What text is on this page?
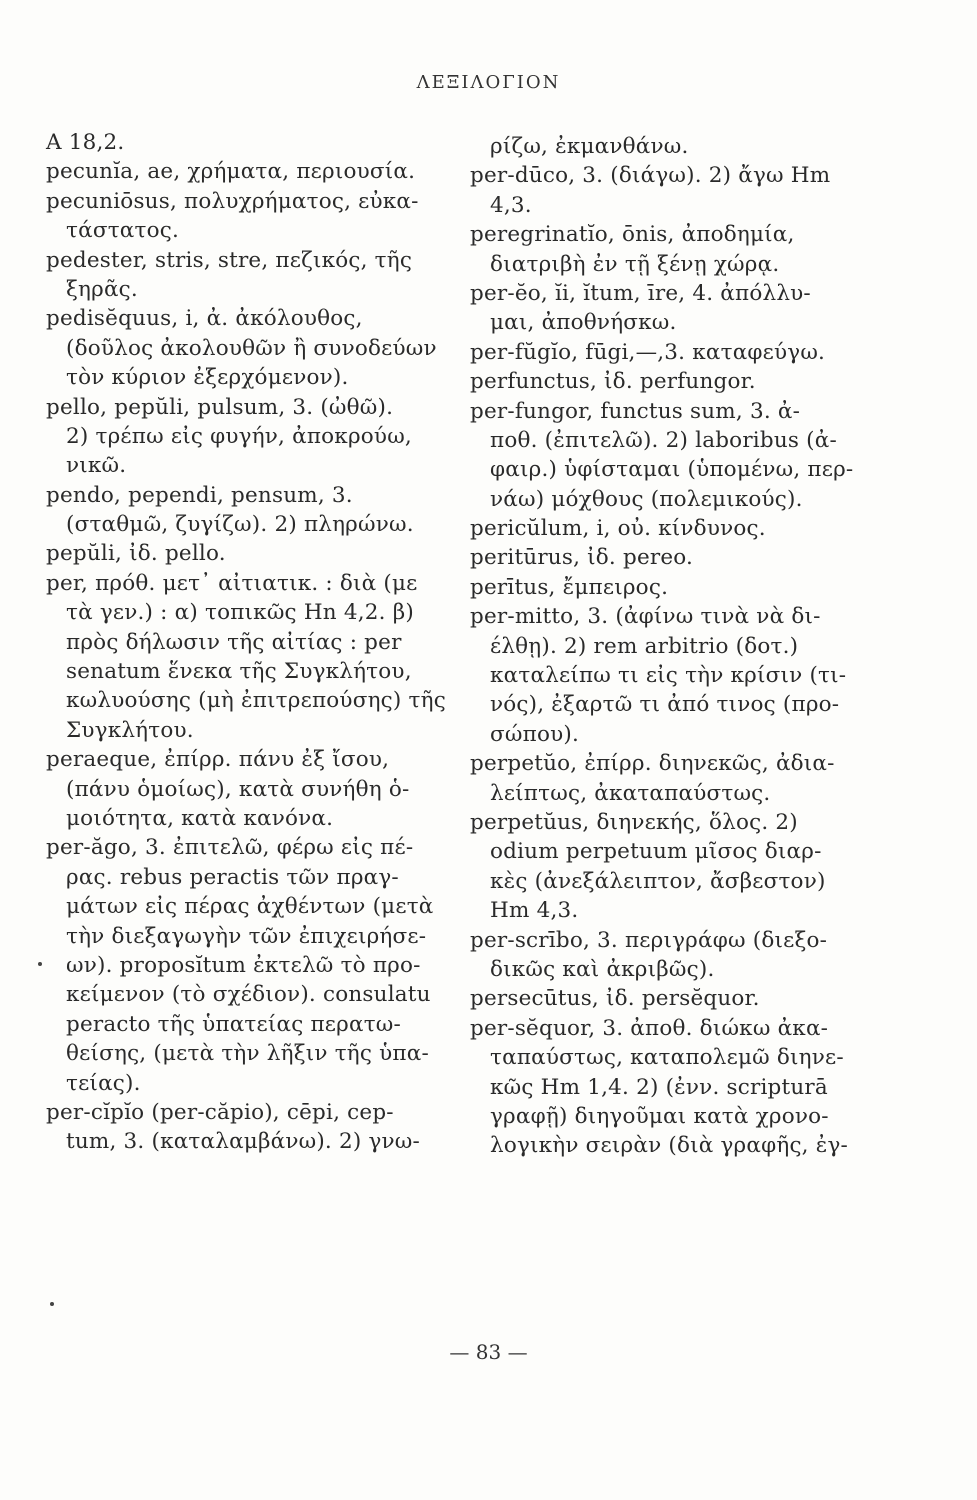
ΛΕΞΙΛΟΓΙΟΝ
A 18,2.
pecunĭa, ae, χρήματα, περιουσία.
pecuniōsus, πολυχρήματος, εὐκα-
τάστατος.
pedester, stris, stre, πεζικός, τῆς
ξηρᾶς.
pedisĕquus, i, ἀ. ἀκόλουθος,
(δοῦλος ἀκολουθῶν ἢ συνοδεύων
τὸν κύριον ἐξερχόμενον).
pello, pepŭli, pulsum, 3. (ὠθῶ).
2) τρέπω εἰς φυγήν, ἀποκρούω,
νικῶ.
pendo, pependi, pensum, 3.
(σταθμῶ, ζυγίζω). 2) πληρώνω.
pepŭli, ἰδ. pello.
per, πρόθ. μετ᾿ αἰτιατικ. : διὰ (με
τὰ γεν.) : α) τοπικῶς Hn 4,2. β)
πρὸς δήλωσιν τῆς αἰτίας : per
senatum ἕνεκα τῆς Συγκλήτου,
κωλυούσης (μὴ ἐπιτρεπούσης) τῆς
Συγκλήτου.
peraeque, ἐπίρρ. πάνυ ἐξ ἴσου,
(πάνυ ὁμοίως), κατὰ συνήθη ὁ-
μοιότητα, κατὰ κανόνα.
per-ăgo, 3. ἐπιτελῶ, φέρω εἰς πέ-
ρας. rebus peractis τῶν πραγ-
μάτων εἰς πέρας ἀχθέντων (μετὰ
τὴν διεξαγωγὴν τῶν ἐπιχειρήσε-
ων). proposĭtum ἐκτελῶ τὸ προ-
κείμενον (τὸ σχέδιον). consulatu
peracto τῆς ὑπατείας περατω-
θείσης, (μετὰ τὴν λῆξιν τῆς ὑπα-
τείας).
per-cĭpĭo (per-căpio), cēpi, cep-
tum, 3. (καταλαμβάνω). 2) γνω-
ρίζω, ἐκμανθάνω.
per-dūco, 3. (διάγω). 2) ἄγω Hm
4,3.
peregrinatĭo, ōnis, ἀποδημία,
διατριβὴ ἐν τῇ ξένῃ χώρᾳ.
per-ĕo, ĭi, ĭtum, īre, 4. ἀπόλλυ-
μαι, ἀποθνήσκω.
per-fŭgĭo, fūgi,—,3. καταφεύγω.
perfunctus, ἰδ. perfungor.
per-fungor, functus sum, 3. ἀ-
ποθ. (ἐπιτελῶ). 2) laboribus (ἀ-
φαιρ.) ὑφίσταμαι (ὑπομένω, περ-
νάω) μόχθους (πολεμικούς).
pericŭlum, i, οὐ. κίνδυνος.
peritūrus, ἰδ. pereo.
perītus, ἔμπειρος.
per-mitto, 3. (ἀφίνω τινὰ νὰ δι-
έλθῃ). 2) rem arbitrio (δοτ.)
καταλείπω τι εἰς τὴν κρίσιν (τι-
νός), ἐξαρτῶ τι ἀπό τινος (προ-
σώπου).
perpetŭo, ἐπίρρ. διηνεκῶς, ἀδια-
λείπτως, ἀκαταπαύστως.
perpetŭus, διηνεκής, ὅλος. 2)
odium perpetuum μῖσος διαρ-
κὲς (ἀνεξάλειπτον, ἄσβεστον)
Hm 4,3.
per-scrībo, 3. περιγράφω (διεξο-
δικῶς καὶ ἀκριβῶς).
persecūtus, ἰδ. persĕquor.
per-sĕquor, 3. ἀποθ. διώκω ἀκα-
ταπαύστως, καταπολεμῶ διηνε-
κῶς Hm 1,4. 2) (ἐνν. scripturā
γραφῇ) διηγοῦμαι κατὰ χρονο-
λογικὴν σειρὰν (διὰ γραφῆς, ἐγ-
— 83 —
